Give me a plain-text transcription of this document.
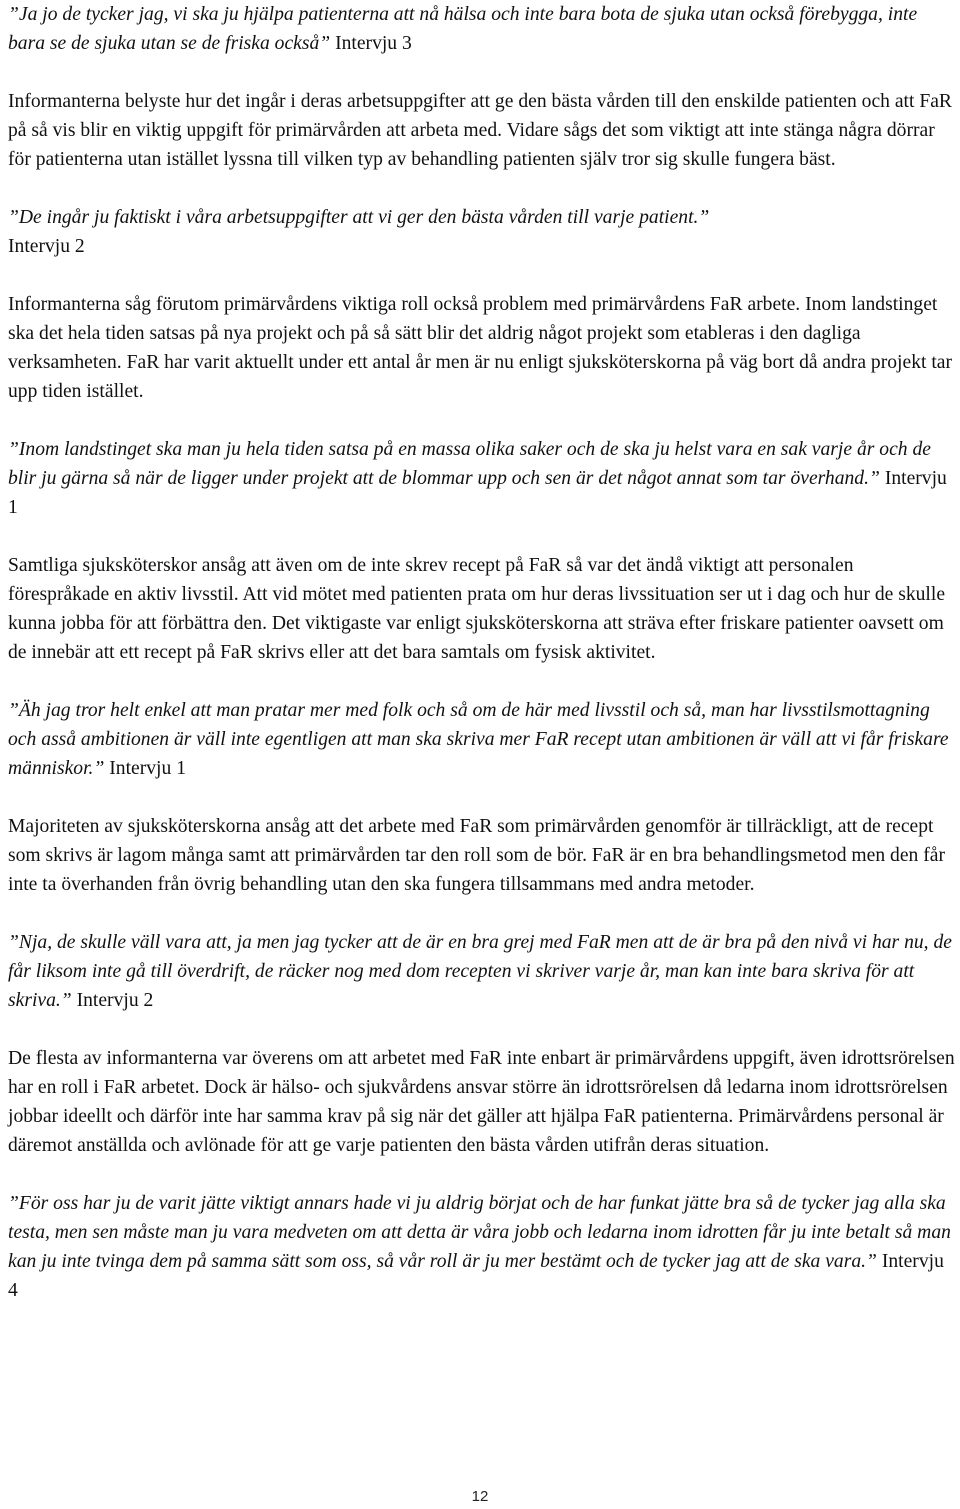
”Ja jo de tycker jag, vi ska ju hjälpa patienterna att nå hälsa och inte bara bota de sjuka utan också förebygga, inte bara se de sjuka utan se de friska också” Intervju 3

Informanterna belyste hur det ingår i deras arbetsuppgifter att ge den bästa vården till den enskilde patienten och att FaR på så vis blir en viktig uppgift för primärvården att arbeta med. Vidare sågs det som viktigt att inte stänga några dörrar för patienterna utan istället lyssna till vilken typ av behandling patienten själv tror sig skulle fungera bäst.

”De ingår ju faktiskt i våra arbetsuppgifter att vi ger den bästa vården till varje patient.”
Intervju 2

Informanterna såg förutom primärvårdens viktiga roll också problem med primärvårdens FaR arbete. Inom landstinget ska det hela tiden satsas på nya projekt och på så sätt blir det aldrig något projekt som etableras i den dagliga verksamheten. FaR har varit aktuellt under ett antal år men är nu enligt sjuksköterskorna på väg bort då andra projekt tar upp tiden istället.

”Inom landstinget ska man ju hela tiden satsa på en massa olika saker och de ska ju helst vara en sak varje år och de blir ju gärna så när de ligger under projekt att de blommar upp och sen är det något annat som tar överhand.” Intervju 1

Samtliga sjuksköterskor ansåg att även om de inte skrev recept på FaR så var det ändå viktigt att personalen förespråkade en aktiv livsstil. Att vid mötet med patienten prata om hur deras livssituation ser ut i dag och hur de skulle kunna jobba för att förbättra den. Det viktigaste var enligt sjuksköterskorna att sträva efter friskare patienter oavsett om de innebär att ett recept på FaR skrivs eller att det bara samtals om fysisk aktivitet.

”Äh jag tror helt enkel att man pratar mer med folk och så om de här med livsstil och så, man har livsstilsmottagning och asså ambitionen är väll inte egentligen att man ska skriva mer FaR recept utan ambitionen är väll att vi får friskare människor.” Intervju 1

Majoriteten av sjuksköterskorna ansåg att det arbete med FaR som primärvården genomför är tillräckligt, att de recept som skrivs är lagom många samt att primärvården tar den roll som de bör. FaR är en bra behandlingsmetod men den får inte ta överhanden från övrig behandling utan den ska fungera tillsammans med andra metoder.

”Nja, de skulle väll vara att, ja men jag tycker att de är en bra grej med FaR men att de är bra på den nivå vi har nu, de får liksom inte gå till överdrift, de räcker nog med dom recepten vi skriver varje år, man kan inte bara skriva för att skriva.” Intervju 2

De flesta av informanterna var överens om att arbetet med FaR inte enbart är primärvårdens uppgift, även idrottsrörelsen har en roll i FaR arbetet. Dock är hälso- och sjukvårdens ansvar större än idrottsrörelsen då ledarna inom idrottsrörelsen jobbar ideellt och därför inte har samma krav på sig när det gäller att hjälpa FaR patienterna. Primärvårdens personal är däremot anställda och avlönade för att ge varje patienten den bästa vården utifrån deras situation.

”För oss har ju de varit jätte viktigt annars hade vi ju aldrig börjat och de har funkat jätte bra så de tycker jag alla ska testa, men sen måste man ju vara medveten om att detta är våra jobb och ledarna inom idrotten får ju inte betalt så man kan ju inte tvinga dem på samma sätt som oss, så vår roll är ju mer bestämt och de tycker jag att de ska vara.” Intervju 4

12
